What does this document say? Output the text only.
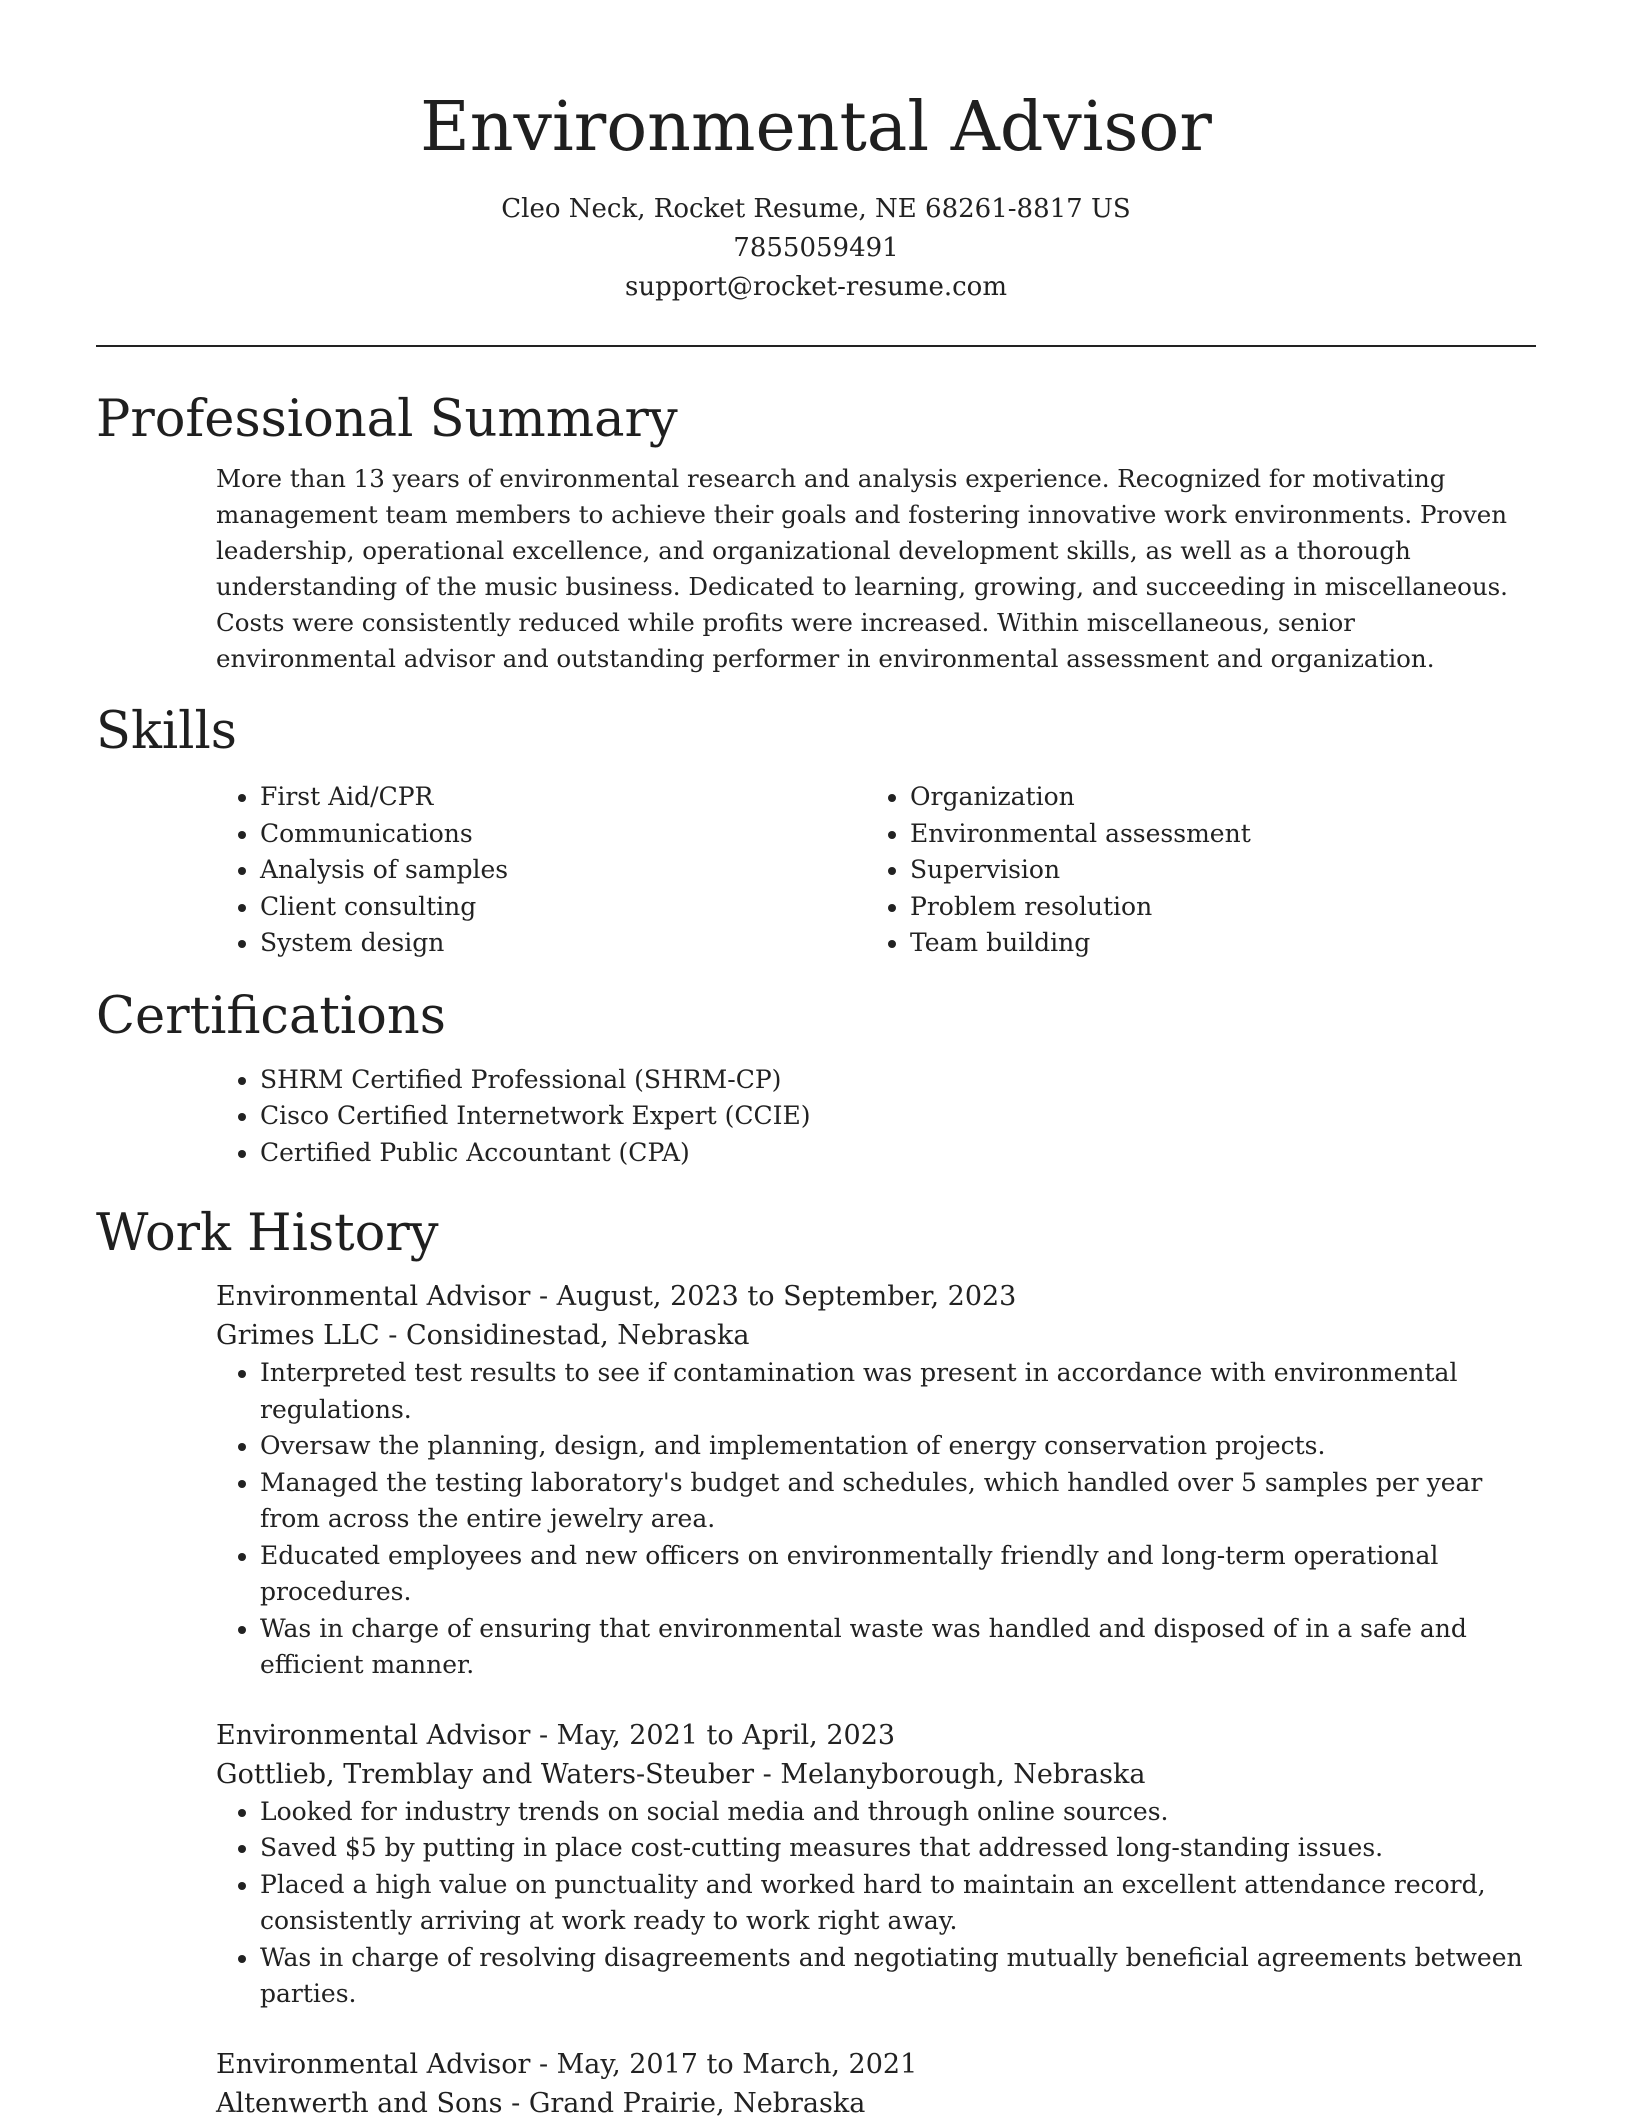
Environmental Advisor

Cleo Neck, Rocket Resume, NE 68261-8817 US

7855059491

support@rocket-resume.com

Professional Summary

More than 13 years of environmental research and analysis experience. Recognized for motivating management team members to achieve their goals and fostering innovative work environments. Proven leadership, operational excellence, and organizational development skills, as well as a thorough understanding of the music business. Dedicated to learning, growing, and succeeding in miscellaneous. Costs were consistently reduced while profits were increased. Within miscellaneous, senior environmental advisor and outstanding performer in environmental assessment and organization.

Skills
• First Aid/CPR
• Communications
• Analysis of samples
• Client consulting
• System design
• Organization
• Environmental assessment
• Supervision
• Problem resolution
• Team building
Certifications
• SHRM Certified Professional (SHRM-CP)
• Cisco Certified Internetwork Expert (CCIE)
• Certified Public Accountant (CPA)
Work History

Environmental Advisor - August, 2023 to September, 2023

Grimes LLC - Considinestad, Nebraska

• Interpreted test results to see if contamination was present in accordance with environmental regulations.
• Oversaw the planning, design, and implementation of energy conservation projects.
• Managed the testing laboratory's budget and schedules, which handled over 5 samples per year from across the entire jewelry area.
• Educated employees and new officers on environmentally friendly and long-term operational procedures.
• Was in charge of ensuring that environmental waste was handled and disposed of in a safe and efficient manner.

Environmental Advisor - May, 2021 to April, 2023

Gottlieb, Tremblay and Waters-Steuber - Melanyborough, Nebraska

• Looked for industry trends on social media and through online sources.
• Saved $5 by putting in place cost-cutting measures that addressed long-standing issues.
• Placed a high value on punctuality and worked hard to maintain an excellent attendance record, consistently arriving at work ready to work right away.
• Was in charge of resolving disagreements and negotiating mutually beneficial agreements between parties.

Environmental Advisor - May, 2017 to March, 2021

Altenwerth and Sons - Grand Prairie, Nebraska
